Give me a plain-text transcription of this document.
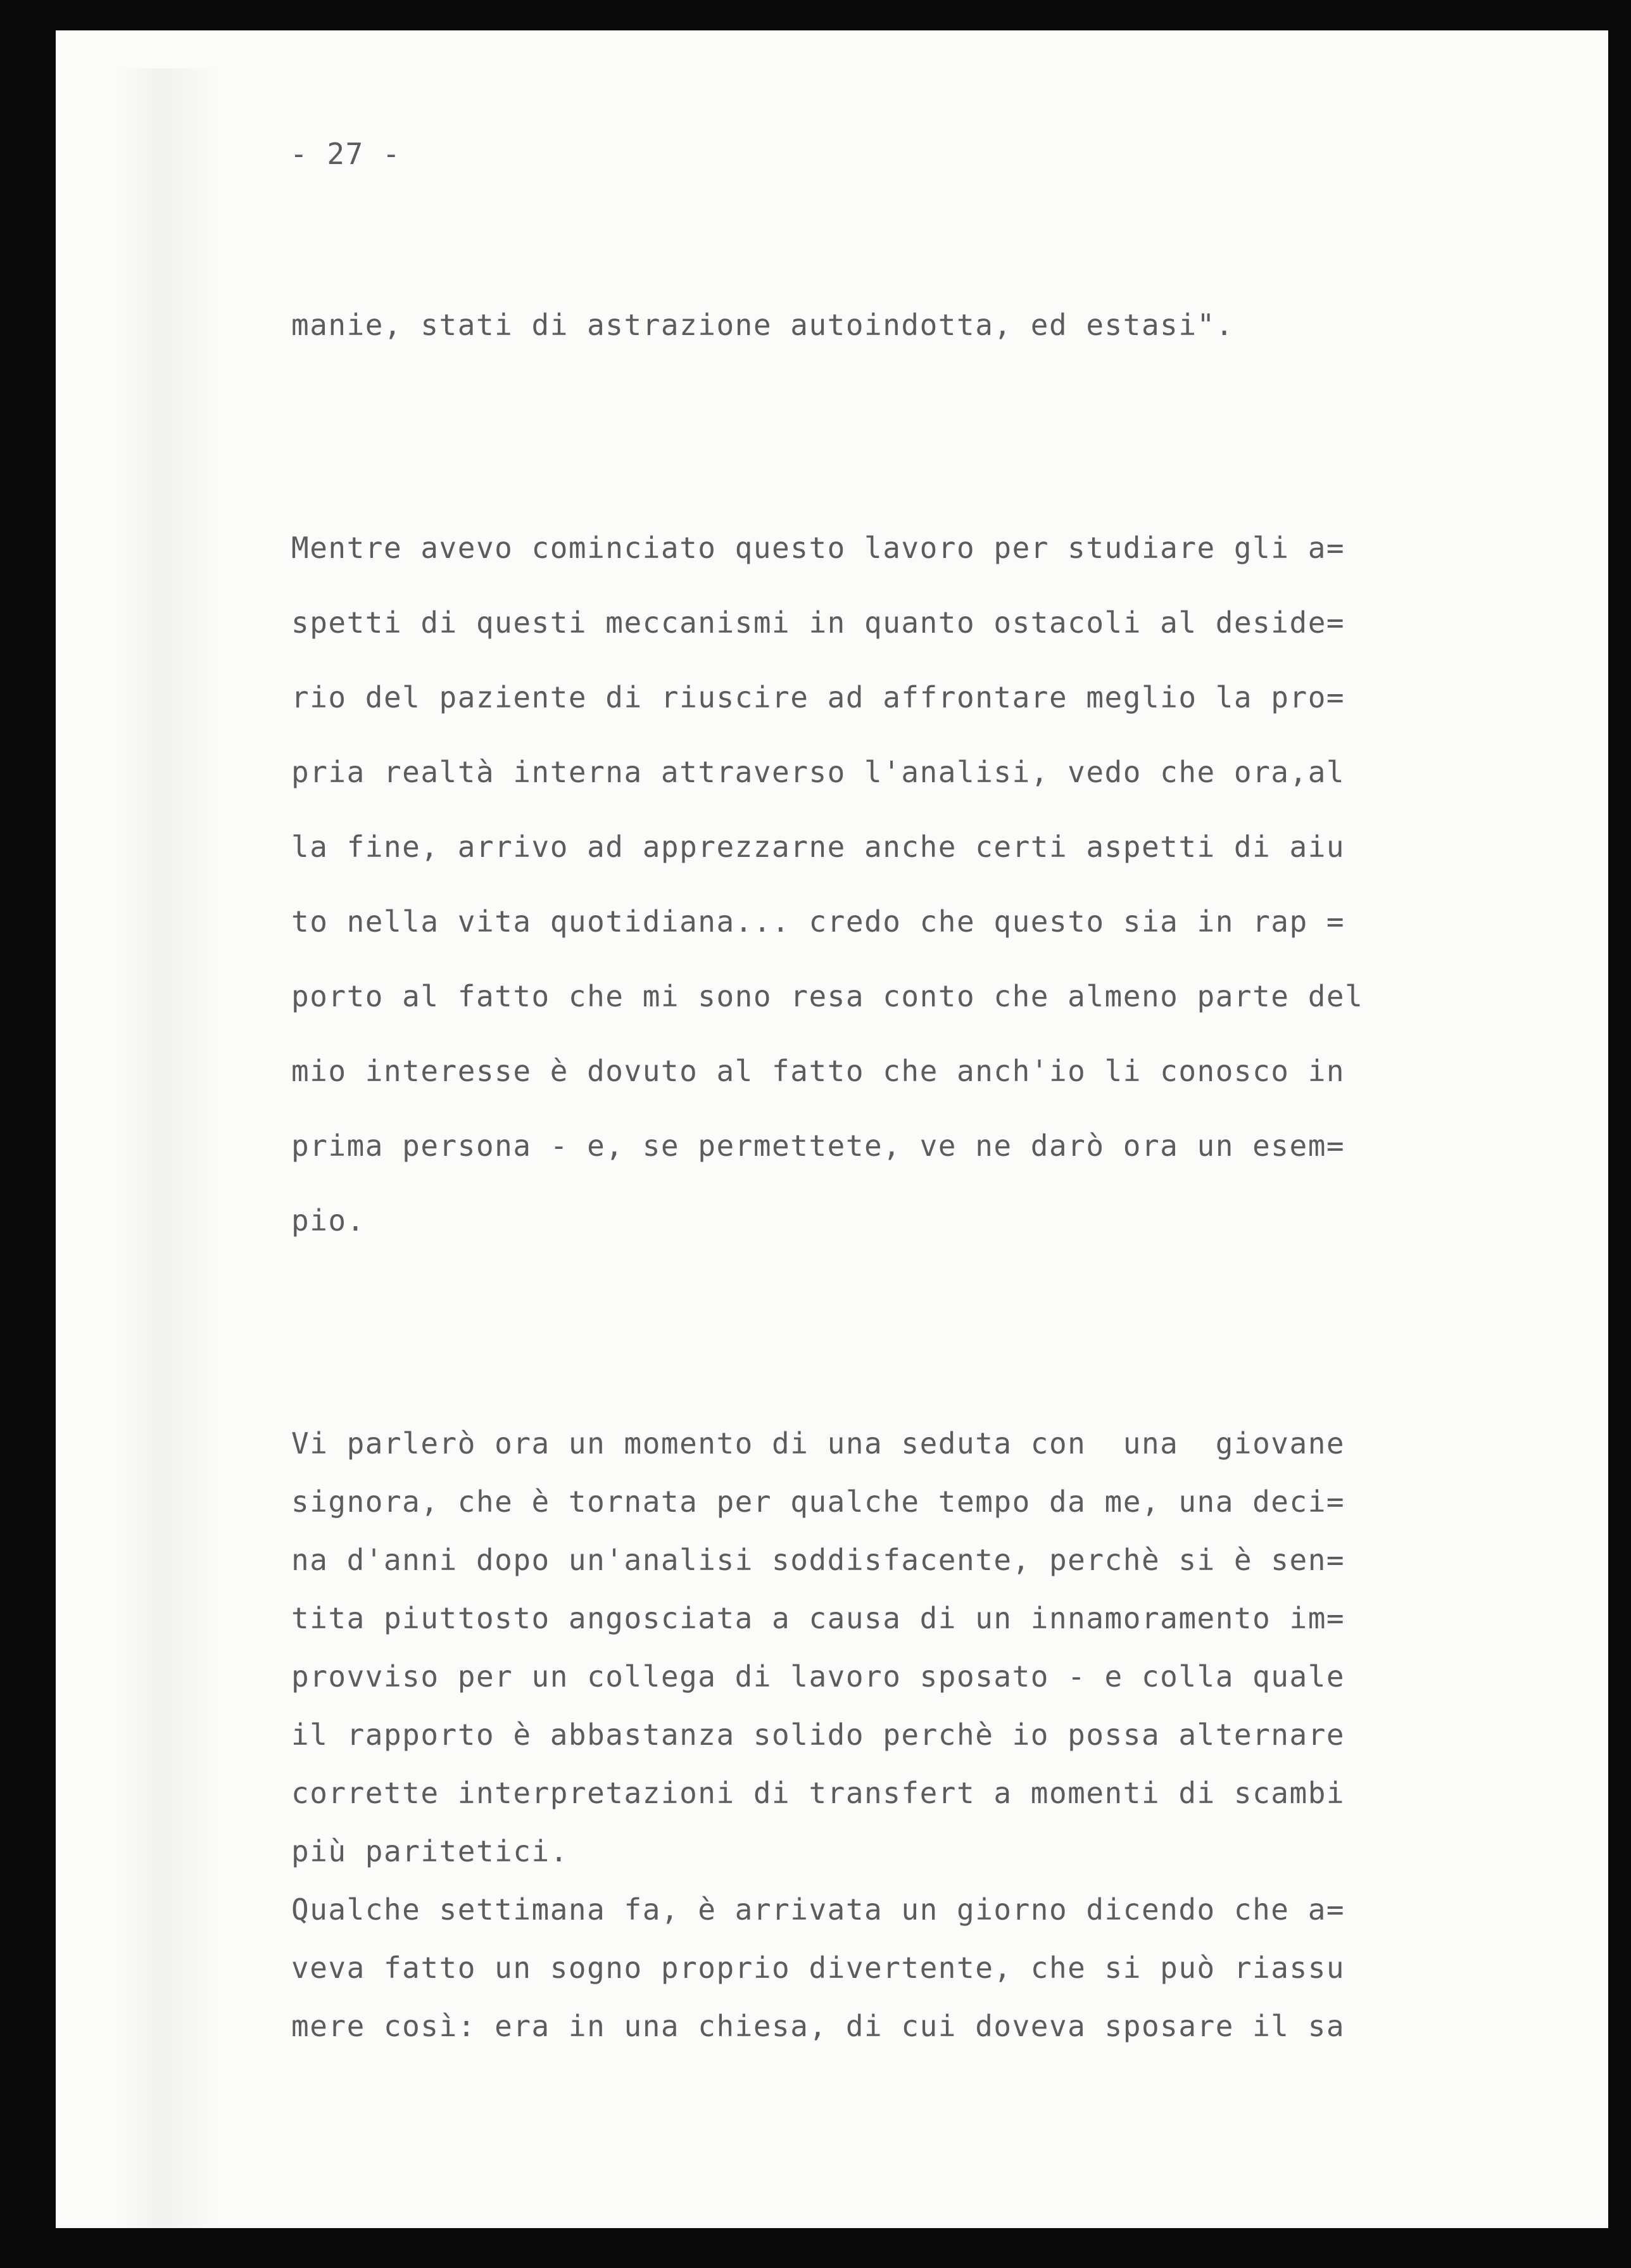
- 27 -

manie, stati di astrazione autoindotta, ed estasi".

Mentre avevo cominciato questo lavoro per studiare gli a=

spetti di questi meccanismi in quanto ostacoli al deside=

rio del paziente di riuscire ad affrontare meglio la pro=

pria realtà interna attraverso l'analisi, vedo che ora,al

la fine, arrivo ad apprezzarne anche certi aspetti di aiu

to nella vita quotidiana... credo che questo sia in rap =

porto al fatto che mi sono resa conto che almeno parte del

mio interesse è dovuto al fatto che anch'io li conosco in

prima persona - e, se permettete, ve ne darò ora un esem=

pio.

Vi parlerò ora un momento di una seduta con  una  giovane

signora, che è tornata per qualche tempo da me, una deci=

na d'anni dopo un'analisi soddisfacente, perchè si è sen=

tita piuttosto angosciata a causa di un innamoramento im=

provviso per un collega di lavoro sposato - e colla quale

il rapporto è abbastanza solido perchè io possa alternare

corrette interpretazioni di transfert a momenti di scambi

più paritetici.

Qualche settimana fa, è arrivata un giorno dicendo che a=

veva fatto un sogno proprio divertente, che si può riassu

mere così: era in una chiesa, di cui doveva sposare il sa
